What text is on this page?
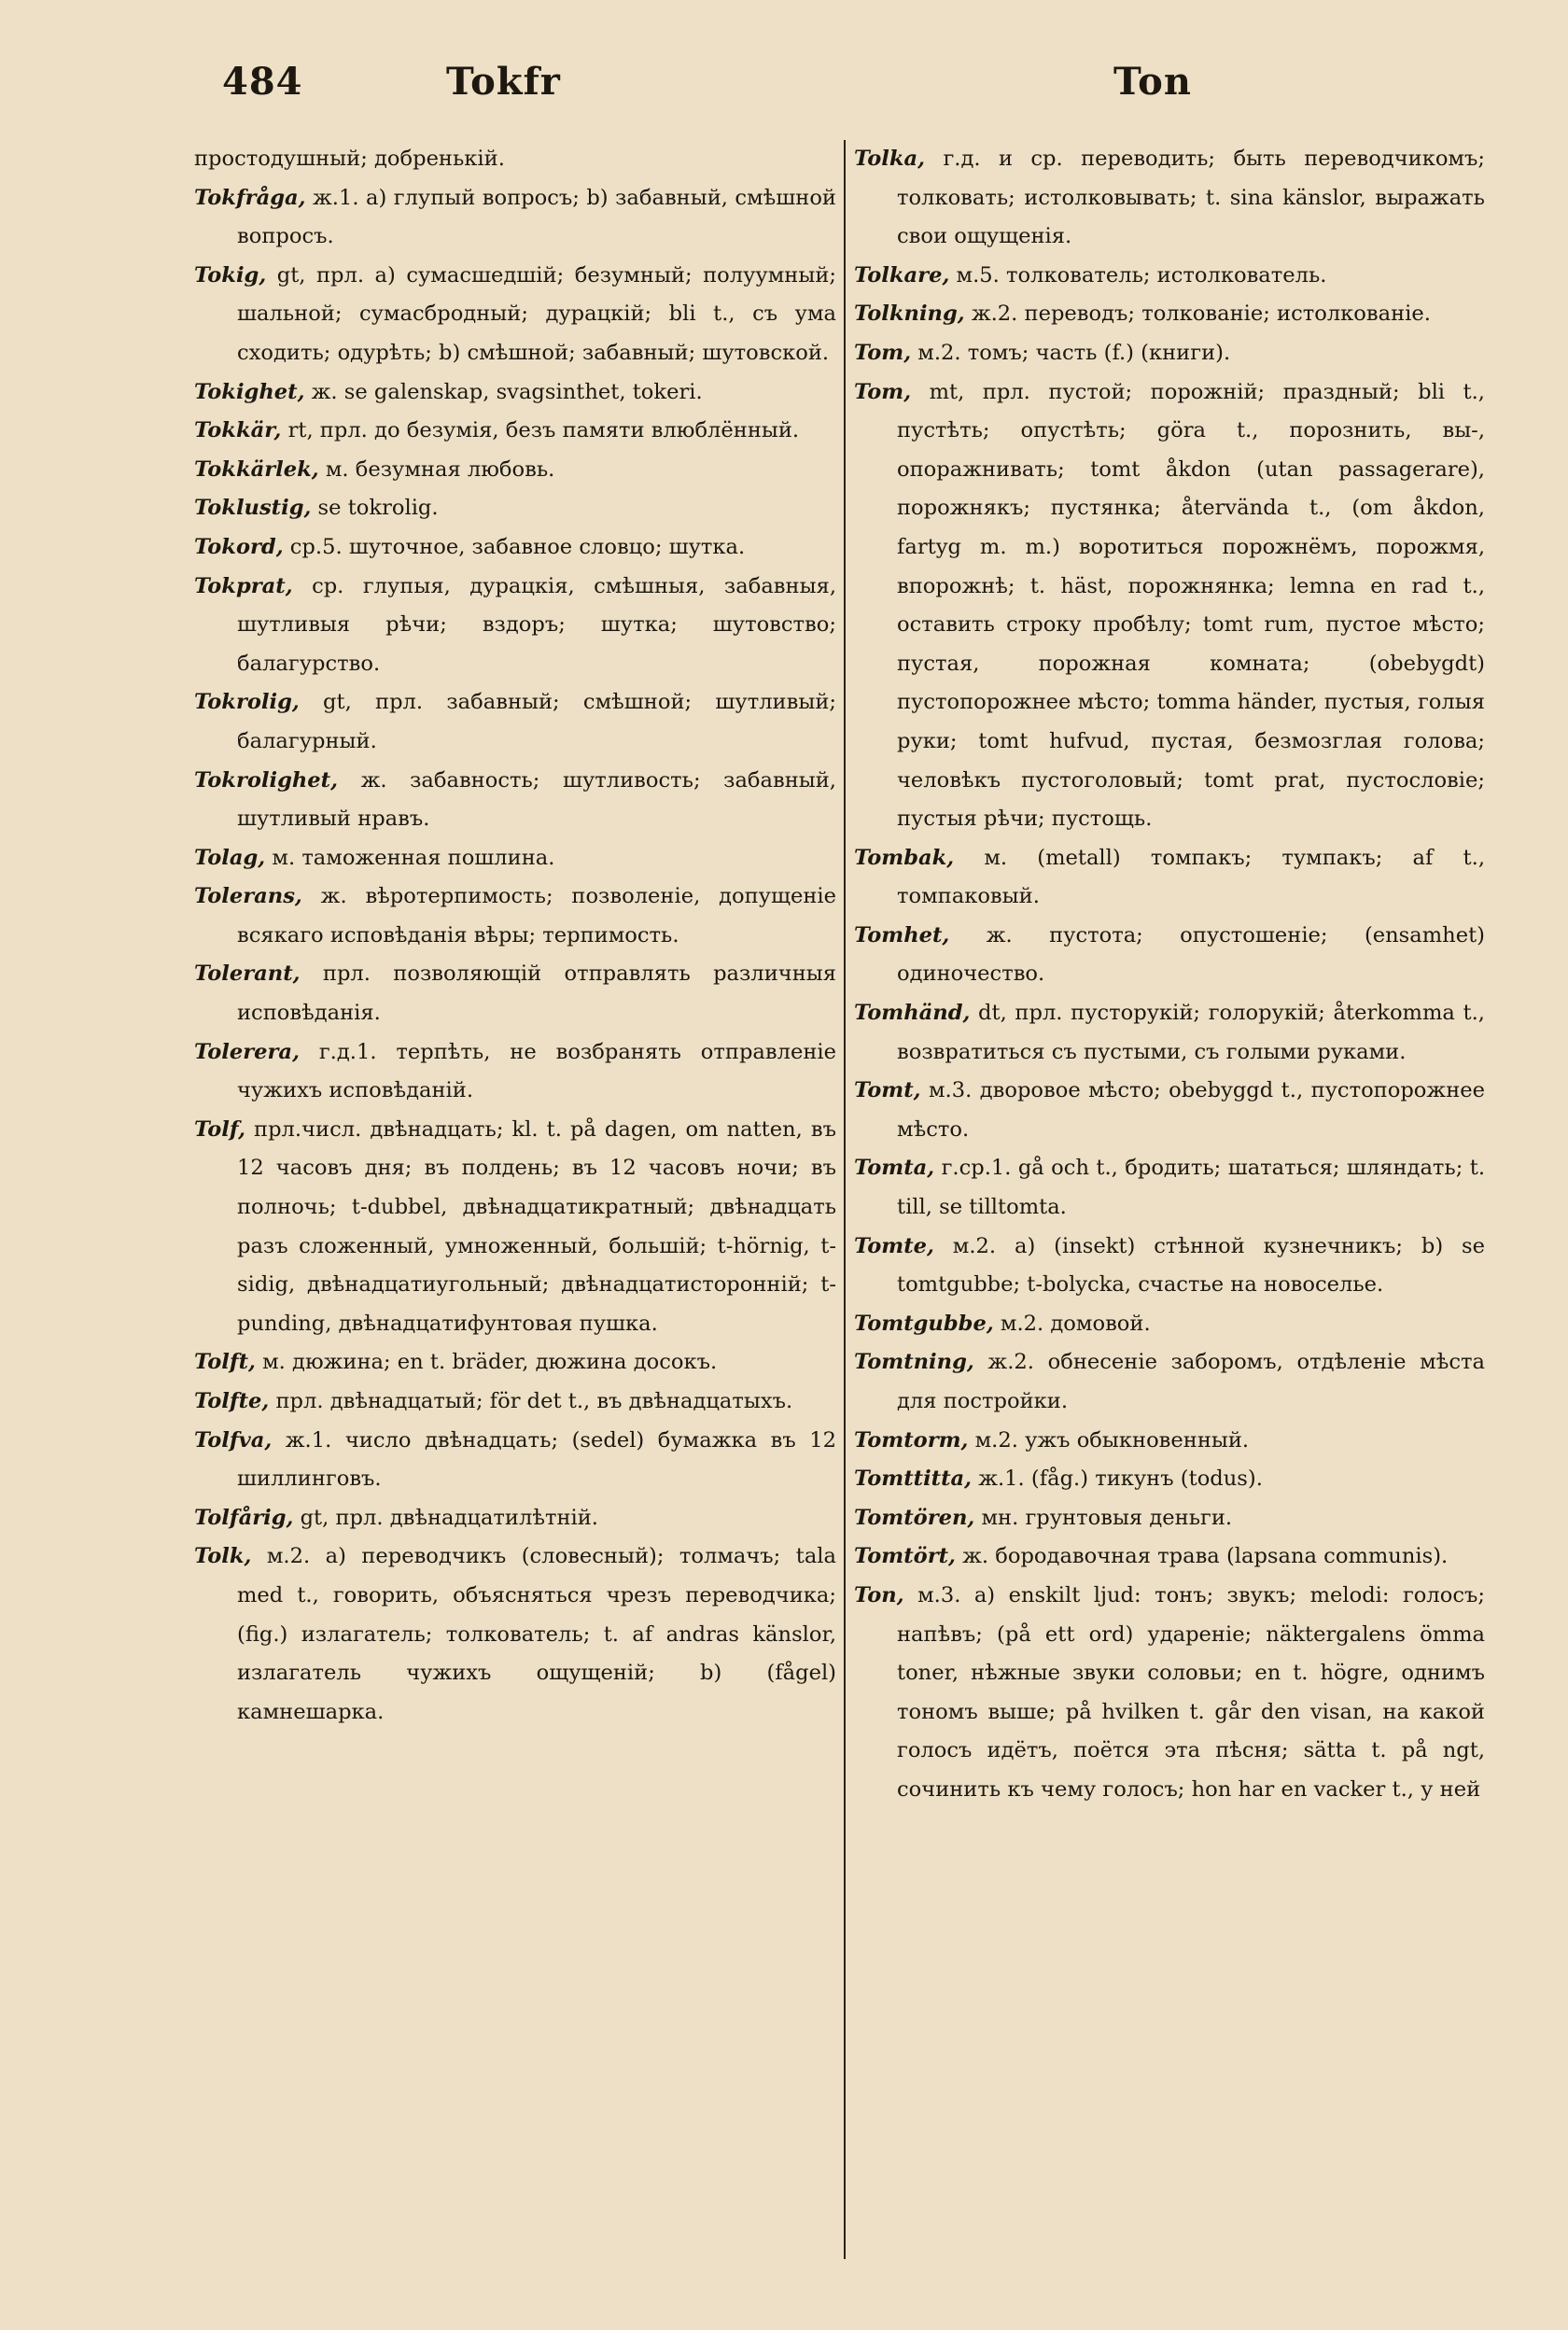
484	Tokfr	Ton

простодушный; добренькій.

Tokfråga, ж.1. а) глупый вопросъ; b) забавный, смѣшной вопросъ.

Tokig, gt, прл. а) сумасшедшій; безумный; полуумный; шальной; сумасбродный; дурацкій; bli t., съ ума сходить; одурѣть; b) смѣшной; забавный; шутовской.

Tokighet, ж. se galenskap, svagsinthet, tokeri.

Tokkär, rt, прл. до безумія, безъ памяти влюблённый.

Tokkärlek, м. безумная любовь.

Toklustig, se tokrolig.

Tokord, ср.5. шуточное, забавное словцо; шутка.

Tokprat, ср. глупыя, дурацкія, смѣшныя, забавныя, шутливыя рѣчи; вздоръ; шутка; шутовство; балагурство.

Tokrolig, gt, прл. забавный; смѣшной; шутливый; балагурный.

Tokrolighet, ж. забавность; шутливость; забавный, шутливый нравъ.

Tolag, м. таможенная пошлина.

Tolerans, ж. вѣротерпимость; позволеніе, допущеніе всякаго исповѣданія вѣры; терпимость.

Tolerant, прл. позволяющій отправлять различныя исповѣданія.

Tolerera, г.д.1. терпѣть, не возбранять отправленіе чужихъ исповѣданій.

Tolf, прл.числ. двѣнадцать; kl. t. på dagen, om natten, въ 12 часовъ дня; въ полдень; въ 12 часовъ ночи; въ полночь; t-dubbel, двѣнадцатикратный; двѣнадцать разъ сложенный, умноженный, большій; t-hörnig, t-sidig, двѣнадцатиугольный; двѣнадцатисторонній; t-punding, двѣнадцатифунтовая пушка.

Tolft, м. дюжина; en t. bräder, дюжина досокъ.

Tolfte, прл. двѣнадцатый; för det t., въ двѣнадцатыхъ.

Tolfva, ж.1. число двѣнадцать; (sedel) бумажка въ 12 шиллинговъ.

Tolfårig, gt, прл. двѣнадцатилѣтній.

Tolk, м.2. а) переводчикъ (словесный); толмачъ; tala med t., говорить, объясняться чрезъ переводчика; (fig.) излагатель; толкователь; t. af andras känslor, излагатель чужихъ ощущеній; b) (fågel) камнешарка.

Tolka, г.д. и ср. переводить; быть переводчикомъ; толковать; истолковывать; t. sina känslor, выражать свои ощущенія.

Tolkare, м.5. толкователь; истолкователь.

Tolkning, ж.2. переводъ; толкованіе; истолкованіе.

Tom, м.2. томъ; часть (f.) (книги).

Tom, mt, прл. пустой; порожній; праздный; bli t., пустѣть; опустѣть; göra t., порознить, вы-, опоражнивать; tomt åkdon (utan passagerare), порожнякъ; пустянка; återvända t., (om åkdon, fartyg m. m.) воротиться порожнёмъ, порожмя, впорожнѣ; t. häst, порожнянка; lemna en rad t., оставить строку пробѣлу; tomt rum, пустое мѣсто; пустая, порожная комната; (obebygdt) пустопорожнее мѣсто; tomma händer, пустыя, голыя руки; tomt hufvud, пустая, безмозглая голова; человѣкъ пустоголовый; tomt prat, пустословіе; пустыя рѣчи; пустощь.

Tombak, м. (metall) томпакъ; тумпакъ; af t., томпаковый.

Tomhet, ж. пустота; опустошеніе; (ensamhet) одиночество.

Tomhänd, dt, прл. пусторукій; голорукій; återkomma t., возвратиться съ пустыми, съ голыми руками.

Tomt, м.3. дворовое мѣсто; obebyggd t., пустопорожнее мѣсто.

Tomta, г.ср.1. gå och t., бродить; шататься; шляндать; t. till, se tilltomta.

Tomte, м.2. а) (insekt) стѣнной кузнечникъ; b) se tomtgubbe; t-bolycka, счастье на новоселье.

Tomtgubbe, м.2. домовой.

Tomtning, ж.2. обнесеніе заборомъ, отдѣленіе мѣста для постройки.

Tomtorm, м.2. ужъ обыкновенный.

Tomttitta, ж.1. (fåg.) тикунъ (todus).

Tomtören, мн. грунтовыя деньги.

Tomtört, ж. бородавочная трава (lapsana communis).

Ton, м.3. а) enskilt ljud: тонъ; звукъ; melodi: голосъ; напѣвъ; (på ett ord) удареніе; näktergalens ömma toner, нѣжные звуки соловьи; en t. högre, однимъ тономъ выше; på hvilken t. går den visan, на какой голосъ идётъ, поётся эта пѣсня; sätta t. på ngt, сочинить къ чему голосъ; hon har en vacker t., у ней
